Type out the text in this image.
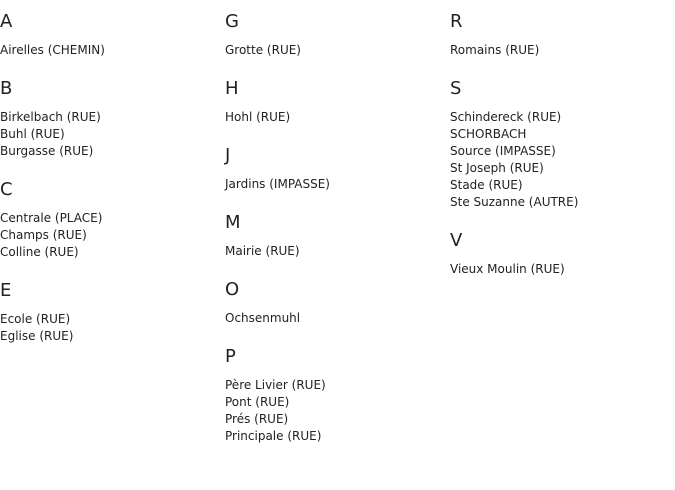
A
Airelles (CHEMIN)
B
Birkelbach (RUE)
Buhl (RUE)
Burgasse (RUE)
C
Centrale (PLACE)
Champs (RUE)
Colline (RUE)
E
Ecole (RUE)
Eglise (RUE)
G
Grotte (RUE)
H
Hohl (RUE)
J
Jardins (IMPASSE)
M
Mairie (RUE)
O
Ochsenmuhl
P
Père Livier (RUE)
Pont (RUE)
Prés (RUE)
Principale (RUE)
R
Romains (RUE)
S
Schindereck (RUE)
SCHORBACH
Source (IMPASSE)
St Joseph (RUE)
Stade (RUE)
Ste Suzanne (AUTRE)
V
Vieux Moulin (RUE)
